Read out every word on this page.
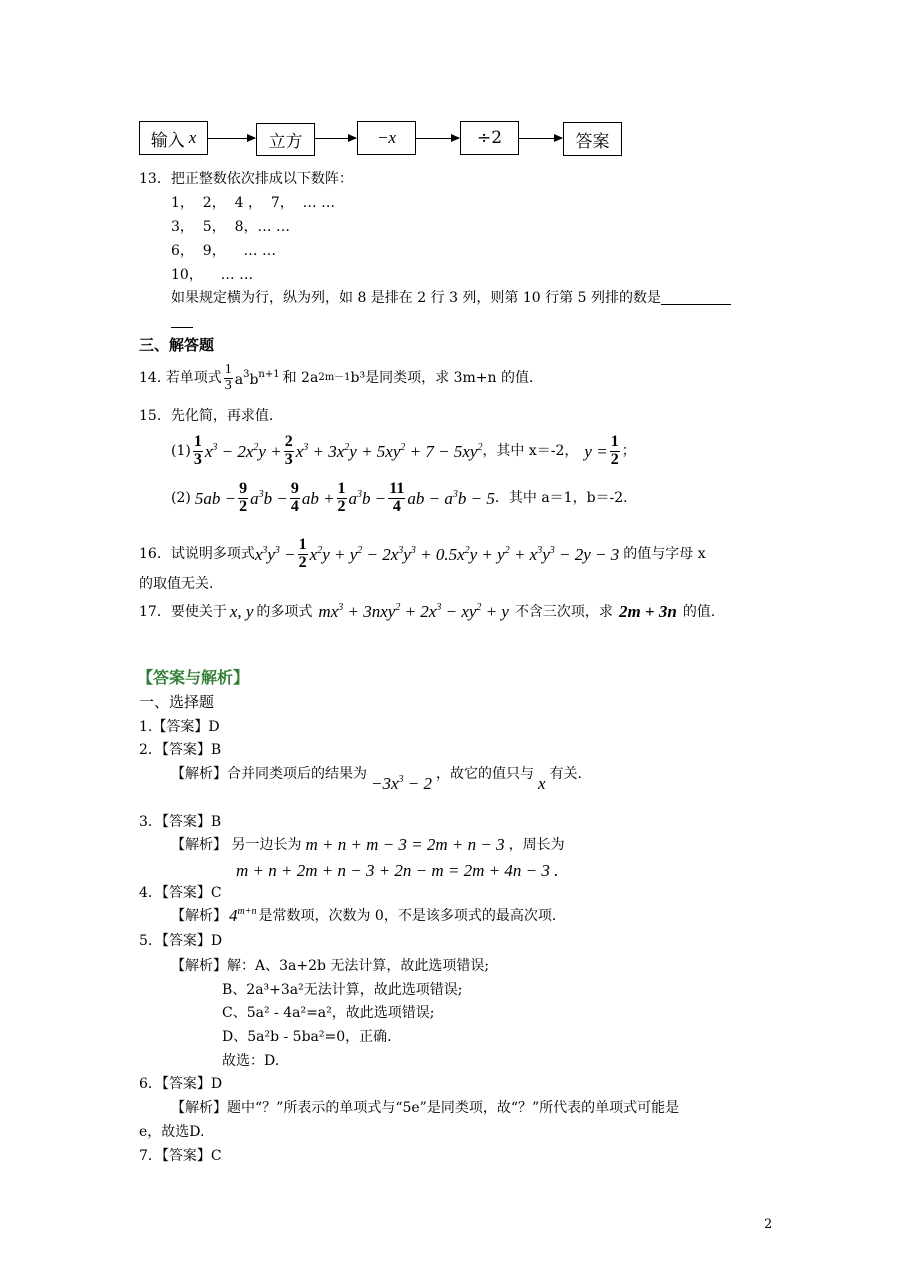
输入 x	立方	−x	÷2	答案
13．把正整数依次排成以下数阵：
1，  2，  4 ，  7，  … …
3，  5，  8，… …
6，  9，    … …
10，    … …
如果规定横为行，纵为列，如 8 是排在 2 行 3 列，则第 10 行第 5 列排的数是
三、解答题
14. 若单项式 $\frac{1}{3} a^3b^{n+1}$ 和 2a 2m－1 b³是同类项，求 3m+n 的值．
15．先化简，再求值．
$(1) \frac{1}{3} x^3 - 2x^2y + \frac{2}{3} x^3 + 3x^2y + 5xy^2 + 7 - 5xy^2$ ，其中 x＝-2， $y = \frac{1}{2}$ ；
(2) $5ab - \frac{9}{2} a^3b - \frac{9}{4}$ ab + $\frac{1}{2} a^3b - \frac{11}{4}$ ab − $a^3b - 5$ ．其中 a＝1，b＝-2.
16．试说明多项式 $x^3y^3 - \frac{1}{2} x^2y + y^2 - 2x^3y^3 + 0.5x^2y + y^2 + x^3y^3 - 2y - 3$ 的值与字母 x
的取值无关.
17．要使关于 x, y 的多项式 $mx^3 + 3nxy^2 + 2x^3 - xy^2 + y$ 不含三次项，求 2m + 3n 的值.
【答案与解析】
一、选择题
1.【答案】D
2．【答案】B
【解析】合并同类项后的结果为 $-3x^3 - 2$ ，故它的值只与 x 有关.
3．【答案】B
【解析】 另一边长为 m + n + m − 3 = 2m + n − 3 ，周长为
m + n + 2m + n − 3 + 2n − m = 2m + 4n − 3 .
4．【答案】C
【解析】 $4^{m+n}$ 是常数项，次数为 0，不是该多项式的最高次项.
5．【答案】D
【解析】解：A、3a+2b 无法计算，故此选项错误;
B、2a³+3a²无法计算，故此选项错误;
C、5a² - 4a²=a²，故此选项错误;
D、5a²b - 5ba²=0，正确.
故选：D.
6．【答案】D
【解析】题中“？”所表示的单项式与“5e”是同类项，故“？”所代表的单项式可能是
e，故选D.
7．【答案】C
2
